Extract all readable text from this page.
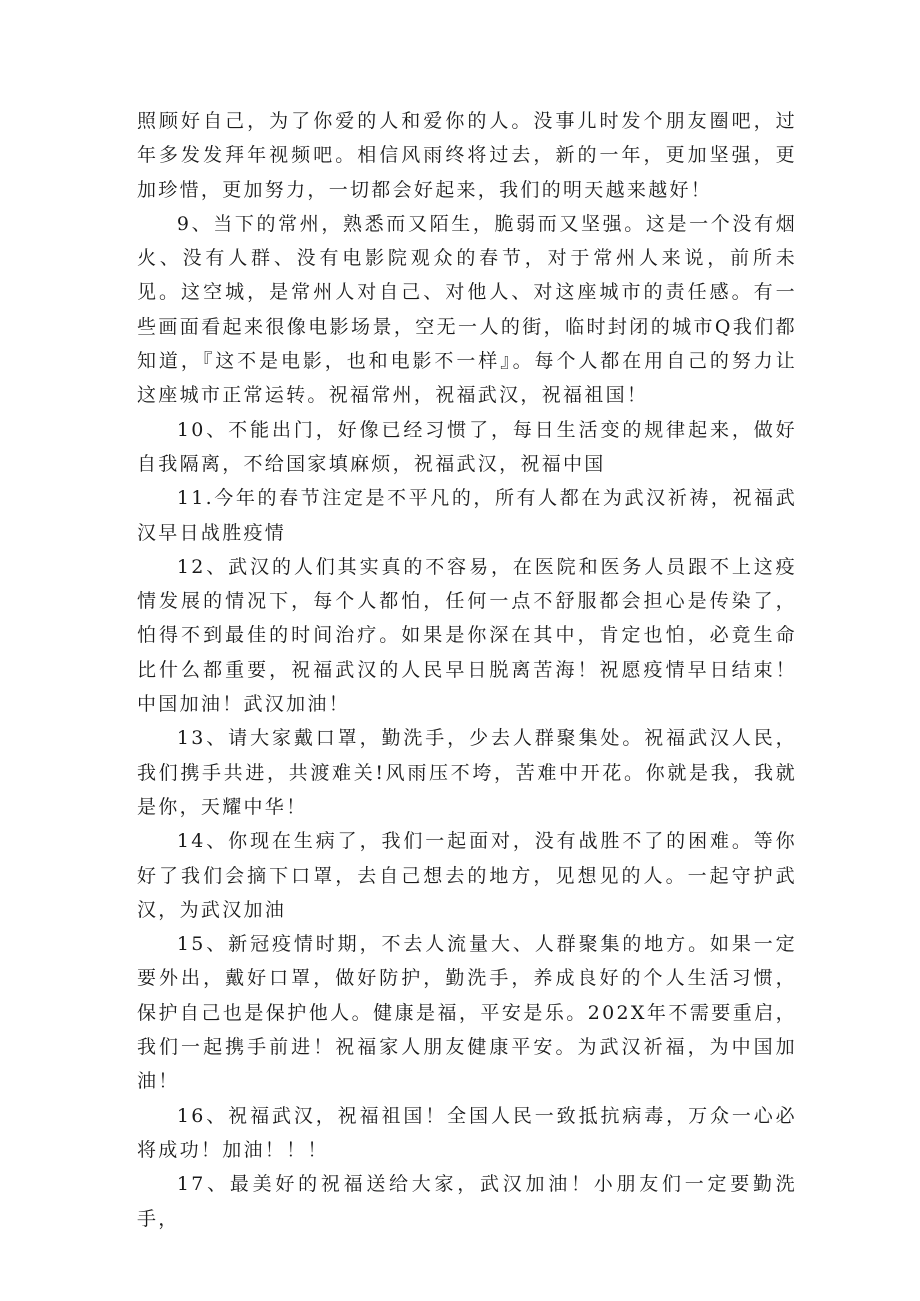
照顾好自己，为了你爱的人和爱你的人。没事儿时发个朋友圈吧，过年多发发拜年视频吧。相信风雨终将过去，新的一年，更加坚强，更加珍惜，更加努力，一切都会好起来，我们的明天越来越好！

9、当下的常州，熟悉而又陌生，脆弱而又坚强。这是一个没有烟火、没有人群、没有电影院观众的春节，对于常州人来说，前所未见。这空城，是常州人对自己、对他人、对这座城市的责任感。有一些画面看起来很像电影场景，空无一人的街，临时封闭的城市Q我们都知道，『这不是电影，也和电影不一样』。每个人都在用自己的努力让这座城市正常运转。祝福常州，祝福武汉，祝福祖国！

10、不能出门，好像已经习惯了，每日生活变的规律起来，做好自我隔离，不给国家填麻烦，祝福武汉，祝福中国

11.今年的春节注定是不平凡的，所有人都在为武汉祈祷，祝福武汉早日战胜疫情

12、武汉的人们其实真的不容易，在医院和医务人员跟不上这疫情发展的情况下，每个人都怕，任何一点不舒服都会担心是传染了，怕得不到最佳的时间治疗。如果是你深在其中，肯定也怕，必竟生命比什么都重要，祝福武汉的人民早日脱离苦海！祝愿疫情早日结束！中国加油！武汉加油！

13、请大家戴口罩，勤洗手，少去人群聚集处。祝福武汉人民，我们携手共进，共渡难关!风雨压不垮，苦难中开花。你就是我，我就是你，天耀中华！

14、你现在生病了，我们一起面对，没有战胜不了的困难。等你好了我们会摘下口罩，去自己想去的地方，见想见的人。一起守护武汉，为武汉加油

15、新冠疫情时期，不去人流量大、人群聚集的地方。如果一定要外出，戴好口罩，做好防护，勤洗手，养成良好的个人生活习惯，保护自己也是保护他人。健康是福，平安是乐。202X年不需要重启，我们一起携手前进！祝福家人朋友健康平安。为武汉祈福，为中国加油！

16、祝福武汉，祝福祖国！全国人民一致抵抗病毒，万众一心必将成功！加油！！！

17、最美好的祝福送给大家，武汉加油！小朋友们一定要勤洗手，
